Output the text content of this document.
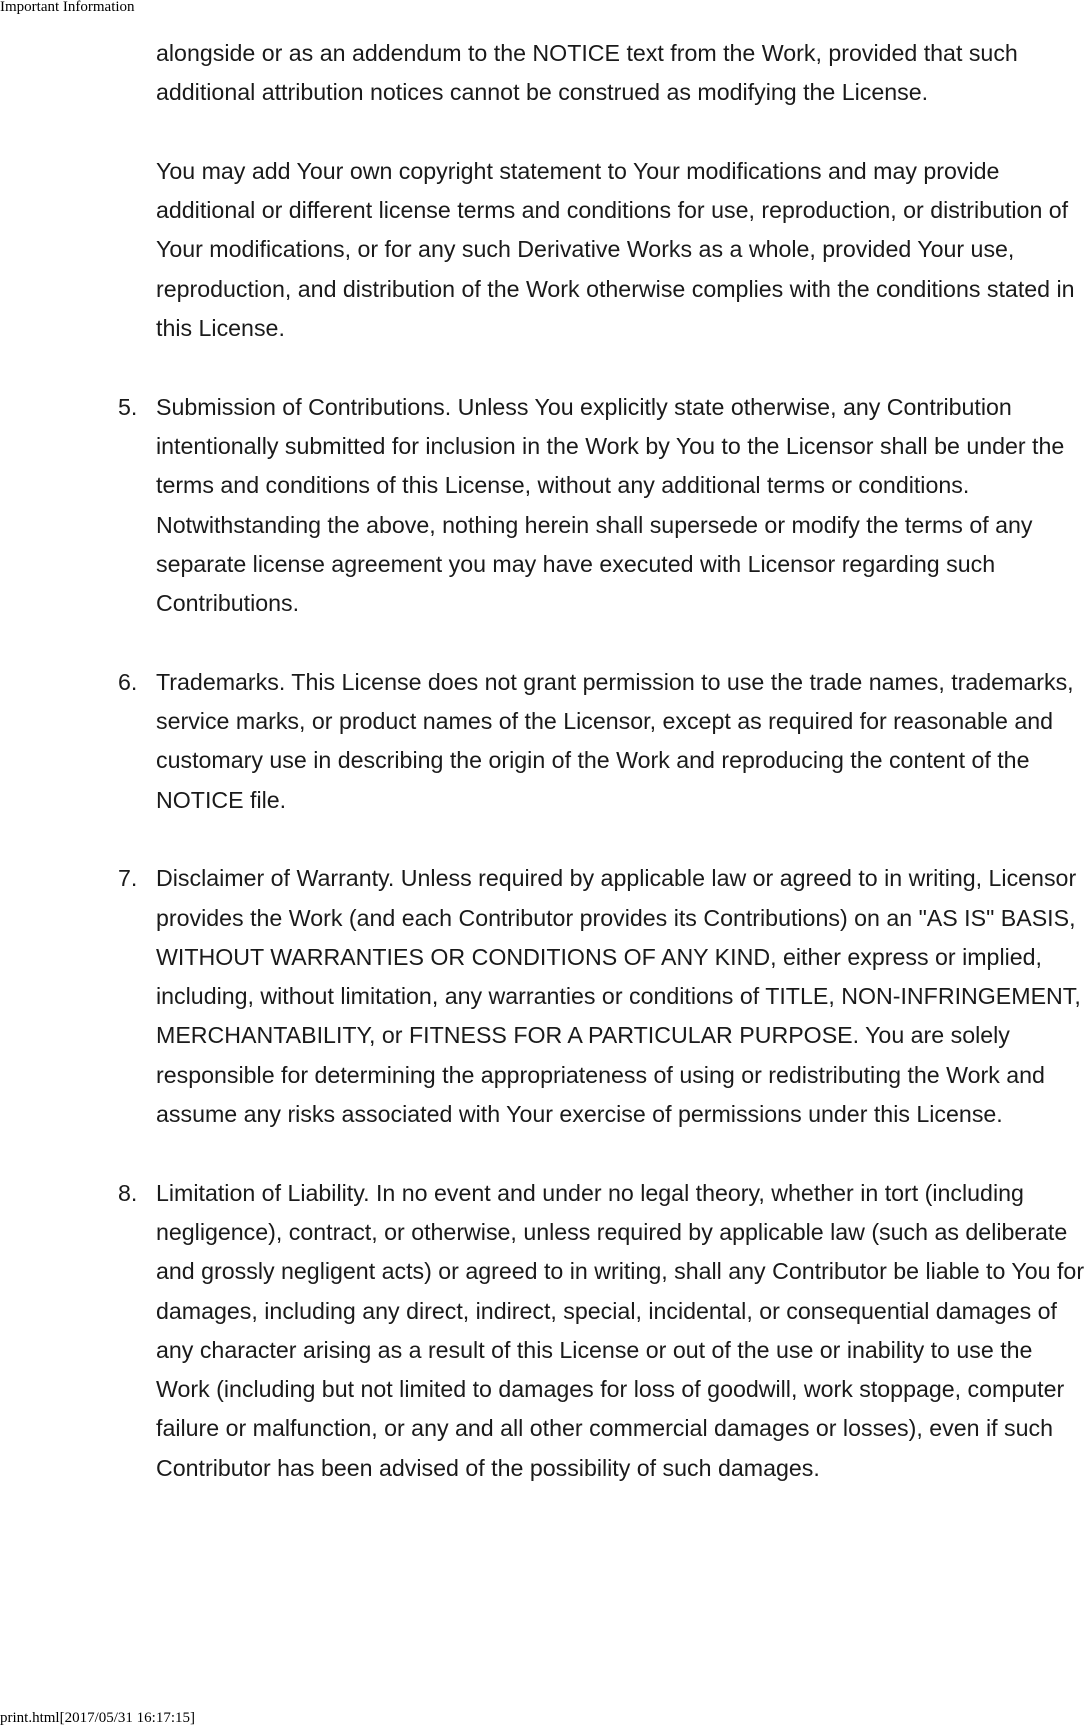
Important Information

alongside or as an addendum to the NOTICE text from the Work, provided that such additional attribution notices cannot be construed as modifying the License.

You may add Your own copyright statement to Your modifications and may provide additional or different license terms and conditions for use, reproduction, or distribution of Your modifications, or for any such Derivative Works as a whole, provided Your use, reproduction, and distribution of the Work otherwise complies with the conditions stated in this License.

5. Submission of Contributions. Unless You explicitly state otherwise, any Contribution intentionally submitted for inclusion in the Work by You to the Licensor shall be under the terms and conditions of this License, without any additional terms or conditions. Notwithstanding the above, nothing herein shall supersede or modify the terms of any separate license agreement you may have executed with Licensor regarding such Contributions.
6. Trademarks. This License does not grant permission to use the trade names, trademarks, service marks, or product names of the Licensor, except as required for reasonable and customary use in describing the origin of the Work and reproducing the content of the NOTICE file.
7. Disclaimer of Warranty. Unless required by applicable law or agreed to in writing, Licensor provides the Work (and each Contributor provides its Contributions) on an "AS IS" BASIS, WITHOUT WARRANTIES OR CONDITIONS OF ANY KIND, either express or implied, including, without limitation, any warranties or conditions of TITLE, NON-INFRINGEMENT, MERCHANTABILITY, or FITNESS FOR A PARTICULAR PURPOSE. You are solely responsible for determining the appropriateness of using or redistributing the Work and assume any risks associated with Your exercise of permissions under this License.
8. Limitation of Liability. In no event and under no legal theory, whether in tort (including negligence), contract, or otherwise, unless required by applicable law (such as deliberate and grossly negligent acts) or agreed to in writing, shall any Contributor be liable to You for damages, including any direct, indirect, special, incidental, or consequential damages of any character arising as a result of this License or out of the use or inability to use the Work (including but not limited to damages for loss of goodwill, work stoppage, computer failure or malfunction, or any and all other commercial damages or losses), even if such Contributor has been advised of the possibility of such damages.
print.html[2017/05/31 16:17:15]
